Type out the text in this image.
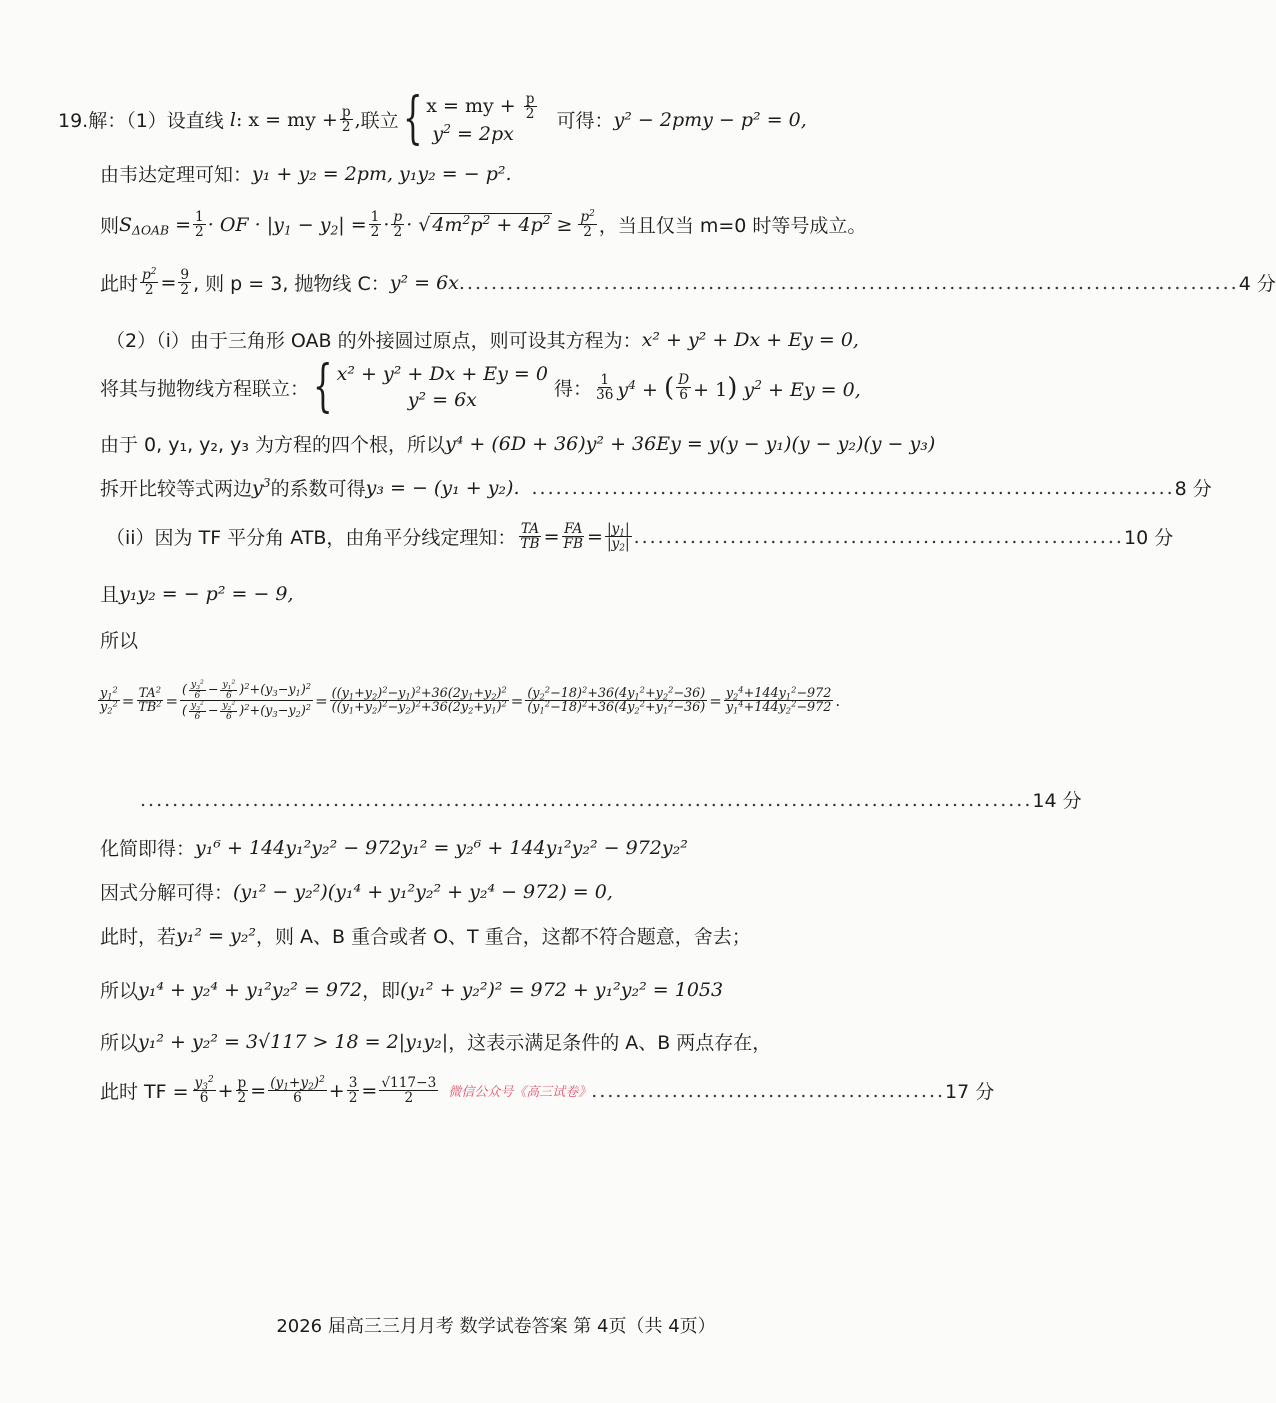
19.解：（1）设直线 l: x = my + $\frac{p}{2}$ , 联立 { x = my + $\frac{p}{2}$
$y^2 = 2px$
可得： y² − 2pmy − p² = 0,
由韦达定理可知： y₁ + y₂ = 2pm, y₁y₂ = − p².
则 $S_{\Delta OAB} = \frac{1}{2}$ · OF · $|y_1 - y_2| = \frac{1}{2} \cdot \frac{p}{2}$ · √ $4m^2p^2 + 4p^2 \ge \frac{p^2}{2}$ ，当且仅当 m=0 时等号成立。
此时 $\frac{p^2}{2} = \frac{9}{2}$ , 则 p = 3, 抛物线 C： y² = 6x ................................................................................................. 4 分
（2）（i）由于三角形 OAB 的外接圆过原点，则可设其方程为： x² + y² + Dx + Ey = 0,
将其与抛物线方程联立： { x² + y² + Dx + Ey = 0
y² = 6x	得： $\frac{1}{36} y^4$ + ( $\frac{D}{6} + 1$) $y^2 + Ey = 0$,
由于 0, y₁, y₂, y₃ 为方程的四个根，所以 y⁴ + (6D + 36)y² + 36Ey = y(y − y₁)(y − y₂)(y − y₃)
拆开比较等式两边 $y^3$ 的系数可得 y₃ = − (y₁ + y₂). ................................................................................ 8 分
（ii）因为 TF 平分角 ATB，由角平分线定理知： $\frac{TA}{TB} = \frac{FA}{FB} = \frac{|y_1|}{|y_2|}$ ............................................................. 10 分
且 y₁y₂ = − p² = − 9,
所以
$\frac{y_1^2}{y_2^2} = \frac{TA^2}{TB^2} = \frac{( \frac{y_3^2}{6} - \frac{y_1^2}{6} )^2+(y_3-y_1)^2}{( \frac{y_3^2}{6} - \frac{y_2^2}{6} )^2+(y_3-y_2)^2} = \frac{((y_1+y_2)^2-y_1)^2+36(2y_1+y_2)^2}{((y_1+y_2)^2-y_2)^2+36(2y_2+y_1)^2} = \frac{(y_2^2-18)^2+36(4y_1^2+y_2^2-36)}{(y_1^2-18)^2+36(4y_2^2+y_1^2-36)} = \frac{y_2^4+144y_1^2-972}{y_1^4+144y_2^2-972}$ .
............................................................................................................... 14 分
化简即得： y₁⁶ + 144y₁²y₂² − 972y₁² = y₂⁶ + 144y₁²y₂² − 972y₂²
因式分解可得： (y₁² − y₂²)(y₁⁴ + y₁²y₂² + y₂⁴ − 972) = 0,
此时，若 y₁² = y₂² ，则 A、B 重合或者 O、T 重合，这都不符合题意，舍去；
所以 y₁⁴ + y₂⁴ + y₁²y₂² = 972 ，即 (y₁² + y₂²)² = 972 + y₁²y₂² = 1053
所以 y₁² + y₂² = 3√117 > 18 = 2|y₁y₂| ，这表示满足条件的 A、B 两点存在，
此时 TF = $\frac{y_3^2}{6} + \frac{p}{2} = \frac{(y_1+y_2)^2}{6} + \frac{3}{2} = \frac{√117-3}{2}$ 微信公众号《高三试卷》 ............................................ 17 分
2026 届高三三月月考 数学试卷答案 第 4页（共 4页）
